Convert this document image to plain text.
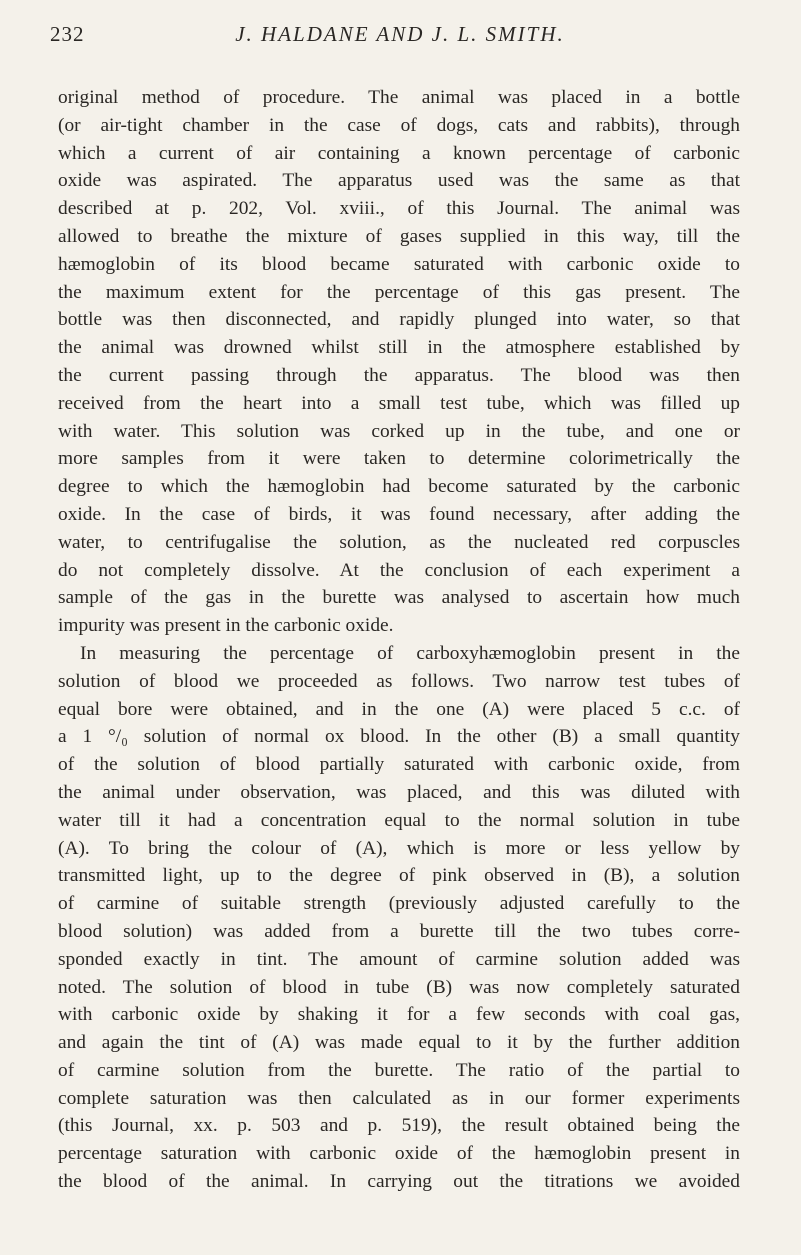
232	J. HALDANE AND J. L. SMITH.
original method of procedure. The animal was placed in a bottle
(or air-tight chamber in the case of dogs, cats and rabbits), through
which a current of air containing a known percentage of carbonic
oxide was aspirated. The apparatus used was the same as that
described at p. 202, Vol. xviii., of this Journal. The animal was
allowed to breathe the mixture of gases supplied in this way, till the
hæmoglobin of its blood became saturated with carbonic oxide to
the maximum extent for the percentage of this gas present. The
bottle was then disconnected, and rapidly plunged into water, so that
the animal was drowned whilst still in the atmosphere established by
the current passing through the apparatus. The blood was then
received from the heart into a small test tube, which was filled up
with water. This solution was corked up in the tube, and one or
more samples from it were taken to determine colorimetrically the
degree to which the hæmoglobin had become saturated by the carbonic
oxide. In the case of birds, it was found necessary, after adding the
water, to centrifugalise the solution, as the nucleated red corpuscles
do not completely dissolve. At the conclusion of each experiment a
sample of the gas in the burette was analysed to ascertain how much
impurity was present in the carbonic oxide.
In measuring the percentage of carboxyhæmoglobin present in the
solution of blood we proceeded as follows. Two narrow test tubes of
equal bore were obtained, and in the one (A) were placed 5 c.c. of
a 1 °/₀ solution of normal ox blood. In the other (B) a small quantity
of the solution of blood partially saturated with carbonic oxide, from
the animal under observation, was placed, and this was diluted with
water till it had a concentration equal to the normal solution in tube
(A). To bring the colour of (A), which is more or less yellow by
transmitted light, up to the degree of pink observed in (B), a solution
of carmine of suitable strength (previously adjusted carefully to the
blood solution) was added from a burette till the two tubes corre-
sponded exactly in tint. The amount of carmine solution added was
noted. The solution of blood in tube (B) was now completely saturated
with carbonic oxide by shaking it for a few seconds with coal gas,
and again the tint of (A) was made equal to it by the further addition
of carmine solution from the burette. The ratio of the partial to
complete saturation was then calculated as in our former experiments
(this Journal, xx. p. 503 and p. 519), the result obtained being the
percentage saturation with carbonic oxide of the hæmoglobin present in
the blood of the animal. In carrying out the titrations we avoided
